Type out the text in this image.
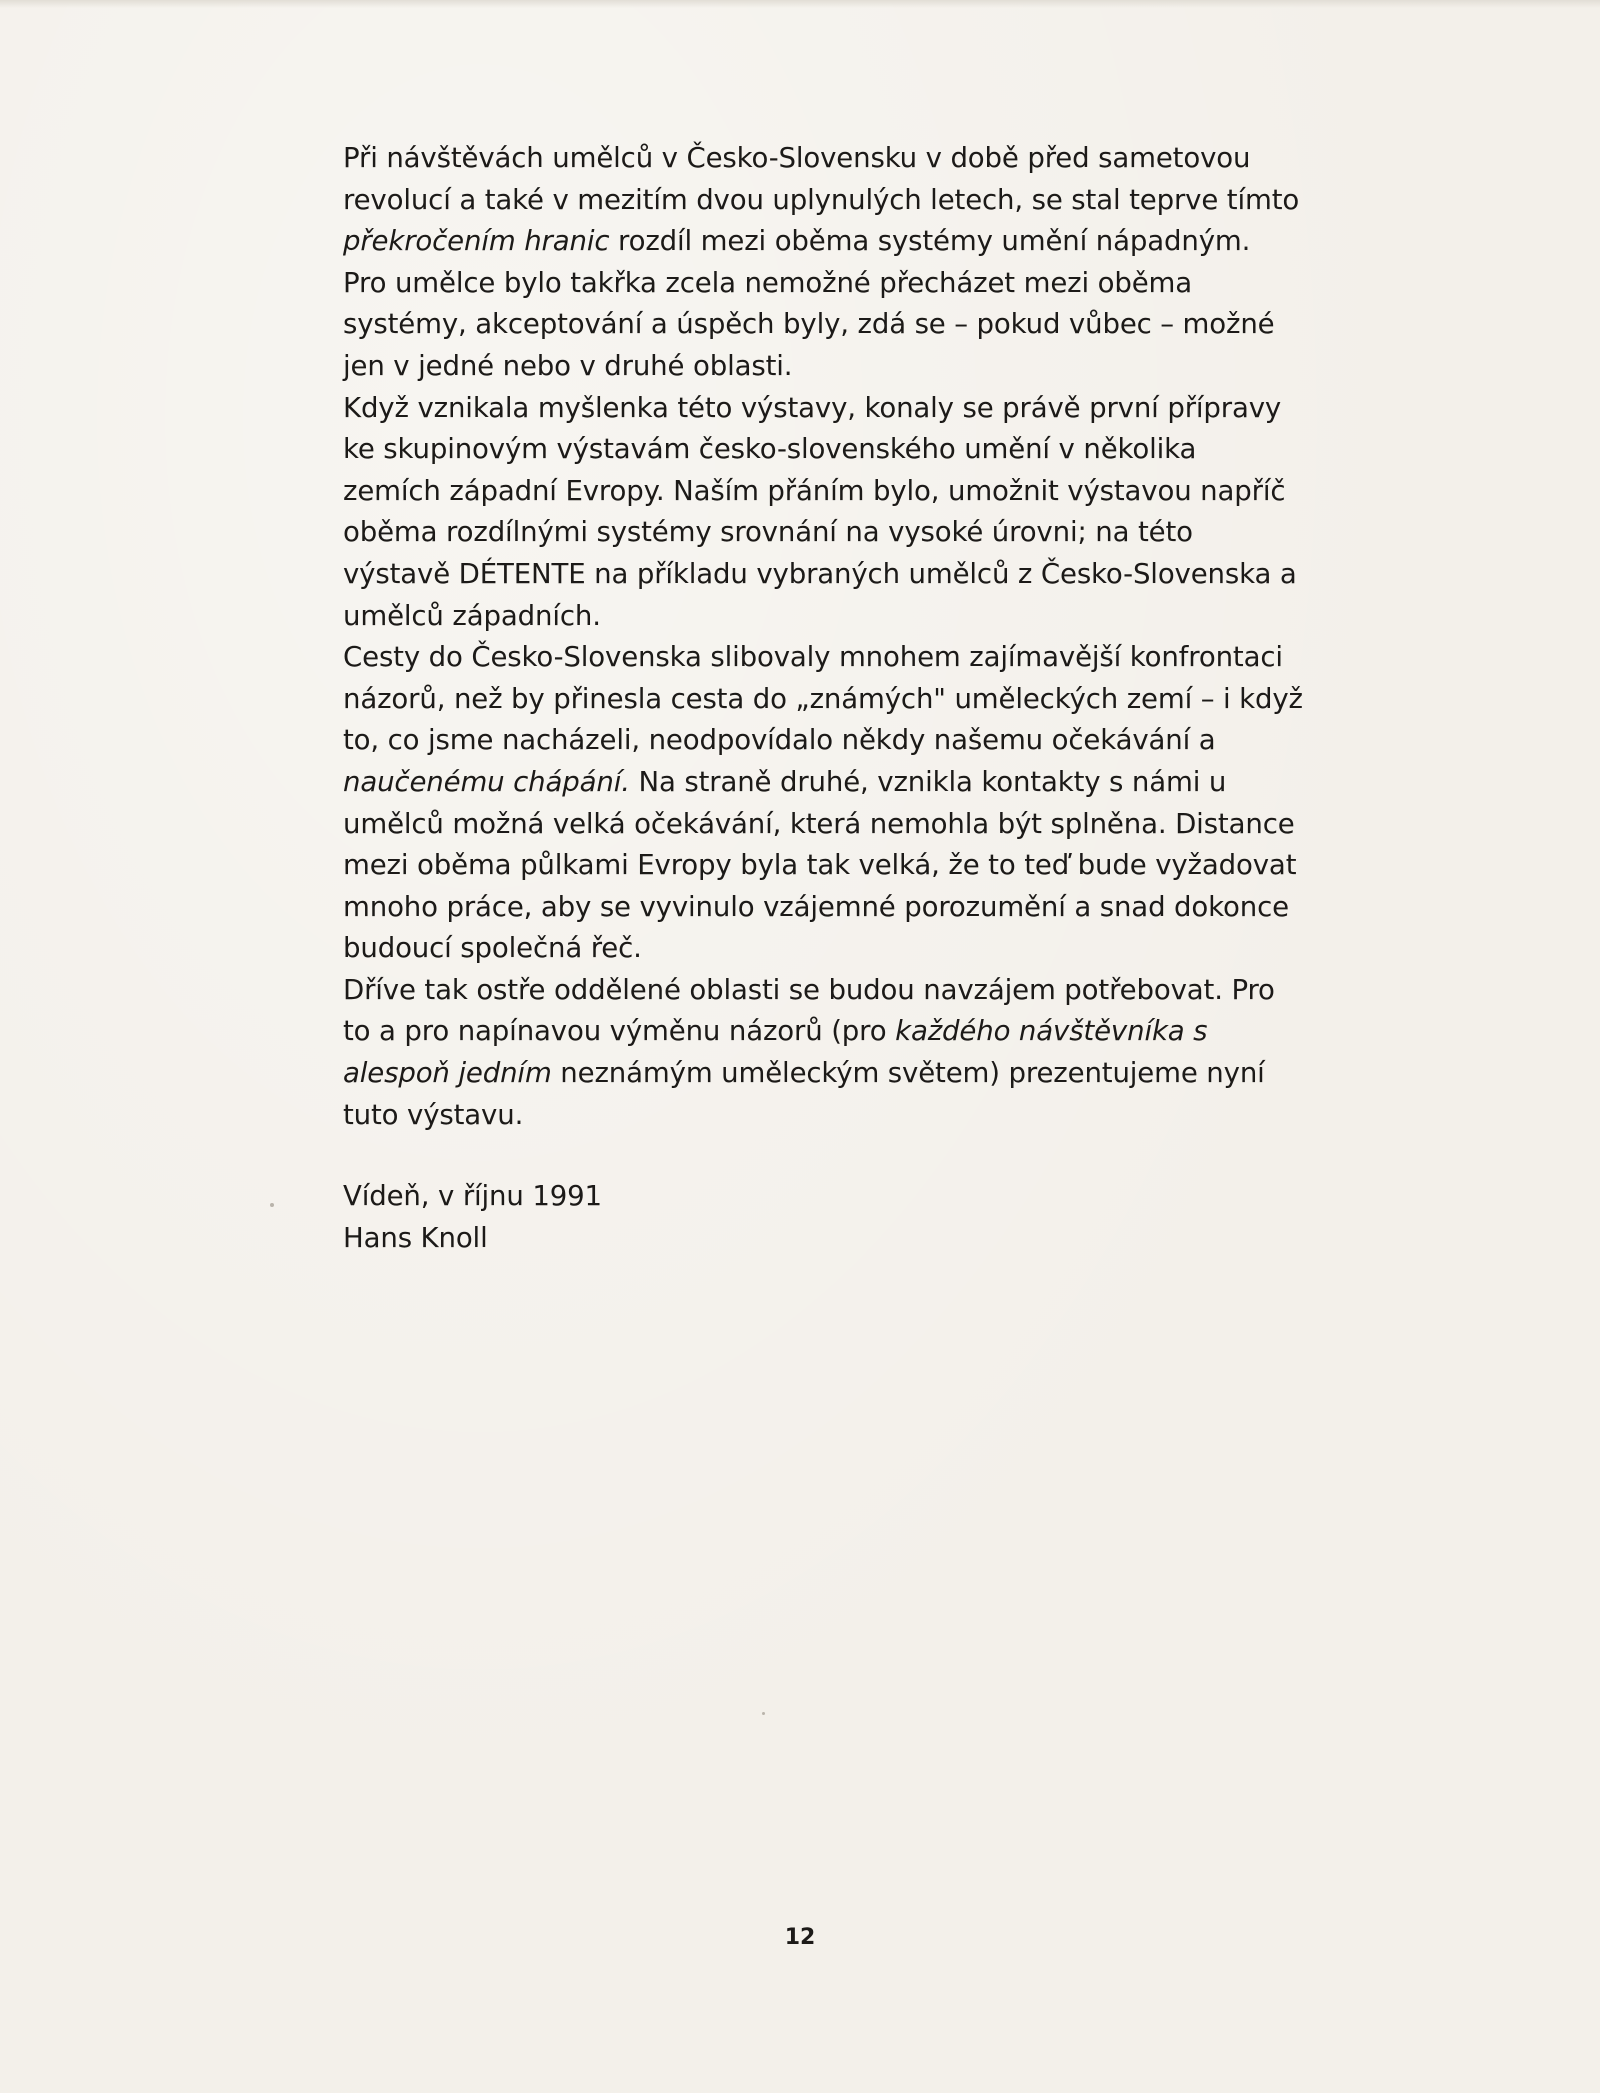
Při návštěvách umělců v Česko-Slovensku v době před sametovou
revolucí a také v mezitím dvou uplynulých letech, se stal teprve tímto
překročením hranic rozdíl mezi oběma systémy umění nápadným.
Pro umělce bylo takřka zcela nemožné přecházet mezi oběma
systémy, akceptování a úspěch byly, zdá se – pokud vůbec – možné
jen v jedné nebo v druhé oblasti.
Když vznikala myšlenka této výstavy, konaly se právě první přípravy
ke skupinovým výstavám česko-slovenského umění v několika
zemích západní Evropy. Naším přáním bylo, umožnit výstavou napříč
oběma rozdílnými systémy srovnání na vysoké úrovni; na této
výstavě DÉTENTE na příkladu vybraných umělců z Česko-Slovenska a
umělců západních.
Cesty do Česko-Slovenska slibovaly mnohem zajímavější konfrontaci
názorů, než by přinesla cesta do „známých" uměleckých zemí – i když
to, co jsme nacházeli, neodpovídalo někdy našemu očekávání a
naučenému chápání. Na straně druhé, vznikla kontakty s námi u
umělců možná velká očekávání, která nemohla být splněna. Distance
mezi oběma půlkami Evropy byla tak velká, že to teď bude vyžadovat
mnoho práce, aby se vyvinulo vzájemné porozumění a snad dokonce
budoucí společná řeč.
Dříve tak ostře oddělené oblasti se budou navzájem potřebovat. Pro
to a pro napínavou výměnu názorů (pro každého návštěvníka s
alespoň jedním neznámým uměleckým světem) prezentujeme nyní
tuto výstavu.
Vídeň, v říjnu 1991
Hans Knoll
12
